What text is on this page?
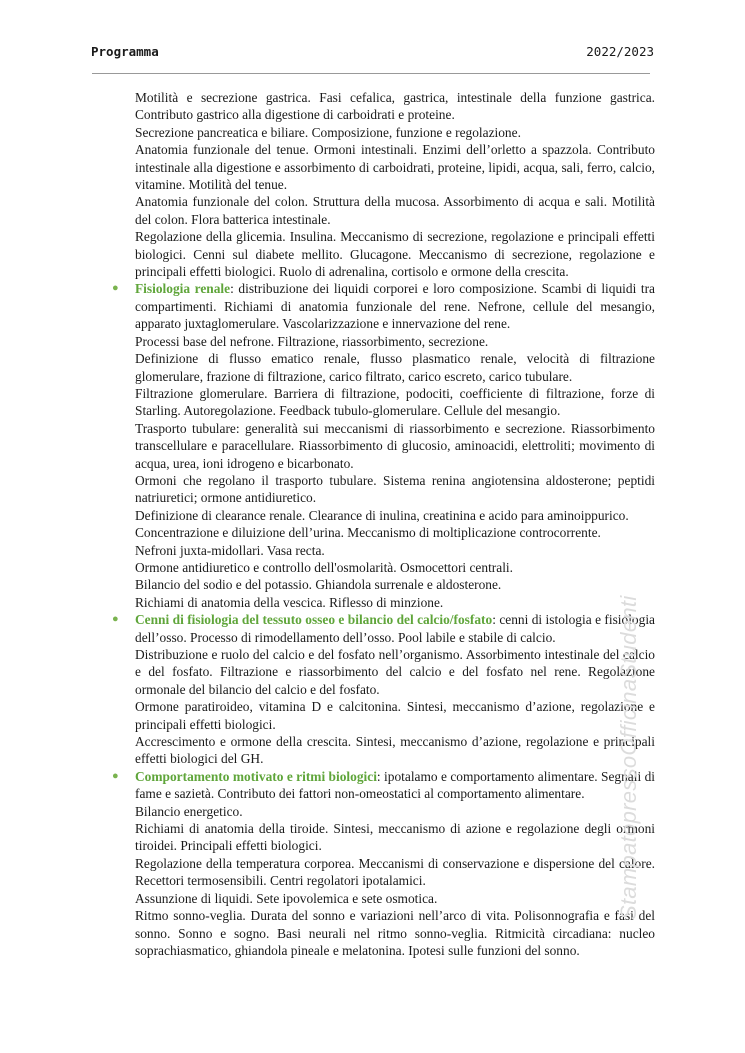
Programma	2022/2023

Motilità e secrezione gastrica. Fasi cefalica, gastrica, intestinale della funzione gastrica. Contributo gastrico alla digestione di carboidrati e proteine.

Secrezione pancreatica e biliare. Composizione, funzione e regolazione.

Anatomia funzionale del tenue. Ormoni intestinali. Enzimi dell’orletto a spazzola. Contributo intestinale alla digestione e assorbimento di carboidrati, proteine, lipidi, acqua, sali, ferro, calcio, vitamine. Motilità del tenue.

Anatomia funzionale del colon. Struttura della mucosa. Assorbimento di acqua e sali. Motilità del colon. Flora batterica intestinale.

Regolazione della glicemia. Insulina. Meccanismo di secrezione, regolazione e principali effetti biologici. Cenni sul diabete mellito. Glucagone. Meccanismo di secrezione, regolazione e principali effetti biologici. Ruolo di adrenalina, cortisolo e ormone della crescita.

● Fisiologia renale: distribuzione dei liquidi corporei e loro composizione. Scambi di liquidi tra compartimenti. Richiami di anatomia funzionale del rene. Nefrone, cellule del mesangio, apparato juxtaglomerulare. Vascolarizzazione e innervazione del rene.

Processi base del nefrone. Filtrazione, riassorbimento, secrezione.

Definizione di flusso ematico renale, flusso plasmatico renale, velocità di filtrazione glomerulare, frazione di filtrazione, carico filtrato, carico escreto, carico tubulare.

Filtrazione glomerulare. Barriera di filtrazione, podociti, coefficiente di filtrazione, forze di Starling. Autoregolazione. Feedback tubulo-glomerulare. Cellule del mesangio.

Trasporto tubulare: generalità sui meccanismi di riassorbimento e secrezione. Riassorbimento transcellulare e paracellulare. Riassorbimento di glucosio, aminoacidi, elettroliti; movimento di acqua, urea, ioni idrogeno e bicarbonato.

Ormoni che regolano il trasporto tubulare. Sistema renina angiotensina aldosterone; peptidi natriuretici; ormone antidiuretico.

Definizione di clearance renale. Clearance di inulina, creatinina e acido para aminoippurico.

Concentrazione e diluizione dell’urina. Meccanismo di moltiplicazione controcorrente.

Nefroni juxta-midollari. Vasa recta.

Ormone antidiuretico e controllo dell'osmolarità. Osmocettori centrali.

Bilancio del sodio e del potassio. Ghiandola surrenale e aldosterone.

Richiami di anatomia della vescica. Riflesso di minzione.

● Cenni di fisiologia del tessuto osseo e bilancio del calcio/fosfato: cenni di istologia e fisiologia dell’osso. Processo di rimodellamento dell’osso. Pool labile e stabile di calcio.

Distribuzione e ruolo del calcio e del fosfato nell’organismo. Assorbimento intestinale del calcio e del fosfato. Filtrazione e riassorbimento del calcio e del fosfato nel rene. Regolazione ormonale del bilancio del calcio e del fosfato.

Ormone paratiroideo, vitamina D e calcitonina. Sintesi, meccanismo d’azione, regolazione e principali effetti biologici.

Accrescimento e ormone della crescita. Sintesi, meccanismo d’azione, regolazione e principali effetti biologici del GH.

● Comportamento motivato e ritmi biologici: ipotalamo e comportamento alimentare. Segnali di fame e sazietà. Contributo dei fattori non-omeostatici al comportamento alimentare.

Bilancio energetico.

Richiami di anatomia della tiroide. Sintesi, meccanismo di azione e regolazione degli ormoni tiroidei. Principali effetti biologici.

Regolazione della temperatura corporea. Meccanismi di conservazione e dispersione del calore. Recettori termosensibili. Centri regolatori ipotalamici.

Assunzione di liquidi. Sete ipovolemica e sete osmotica.

Ritmo sonno-veglia. Durata del sonno e variazioni nell’arco di vita. Polisonnografia e fasi del sonno. Sonno e sogno. Basi neurali nel ritmo sonno-veglia. Ritmicità circadiana: nucleo soprachiasmatico, ghiandola pineale e melatonina. Ipotesi sulle funzioni del sonno.

StampatopressoOfficinaStudenti
